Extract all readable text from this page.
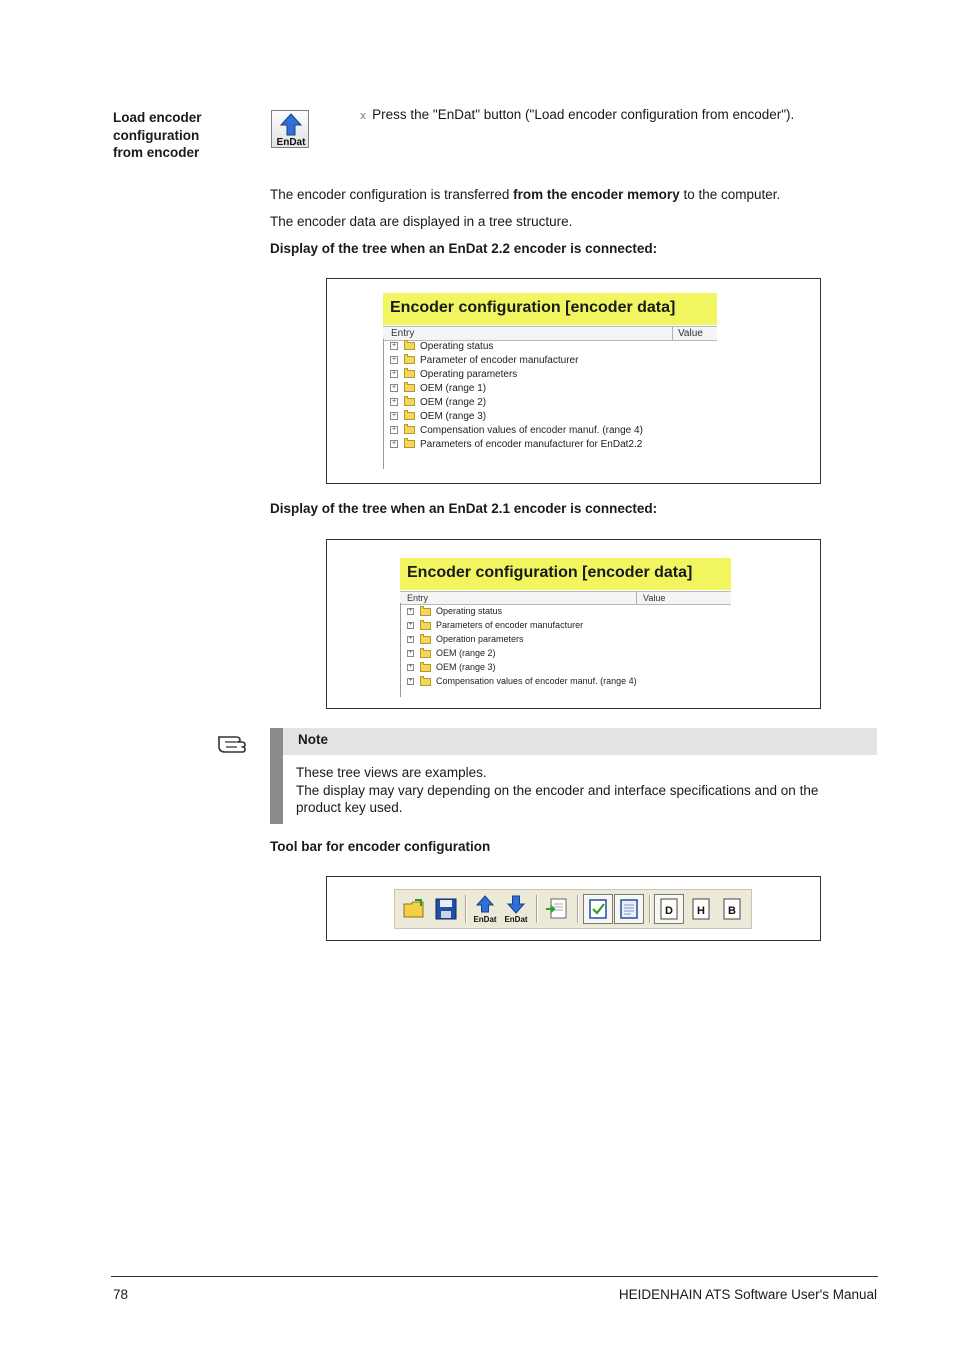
Load encoder
configuration
from encoder
EnDat
x Press the "EnDat" button ("Load encoder configuration from encoder").
The encoder configuration is transferred from the encoder memory to the computer.
The encoder data are displayed in a tree structure.
Display of the tree when an EnDat 2.2 encoder is connected:
Encoder configuration [encoder data]
Entry	Value
+ Operating status
+ Parameter of encoder manufacturer
+ Operating parameters
+ OEM (range 1)
+ OEM (range 2)
+ OEM (range 3)
+ Compensation values of encoder manuf. (range 4)
+ Parameters of encoder manufacturer for EnDat2.2
Display of the tree when an EnDat 2.1 encoder is connected:
Encoder configuration [encoder data]
Entry	Value
+	Operating status
+	Parameters of encoder manufacturer
+	Operation parameters
+	OEM (range 2)
+	OEM (range 3)
+	Compensation values of encoder manuf. (range 4)
Note
These tree views are examples.
The display may vary depending on the encoder and interface specifications and on the
product key used.
Tool bar for encoder configuration
EnDat EnDat
D H B
78	HEIDENHAIN ATS Software User's Manual
